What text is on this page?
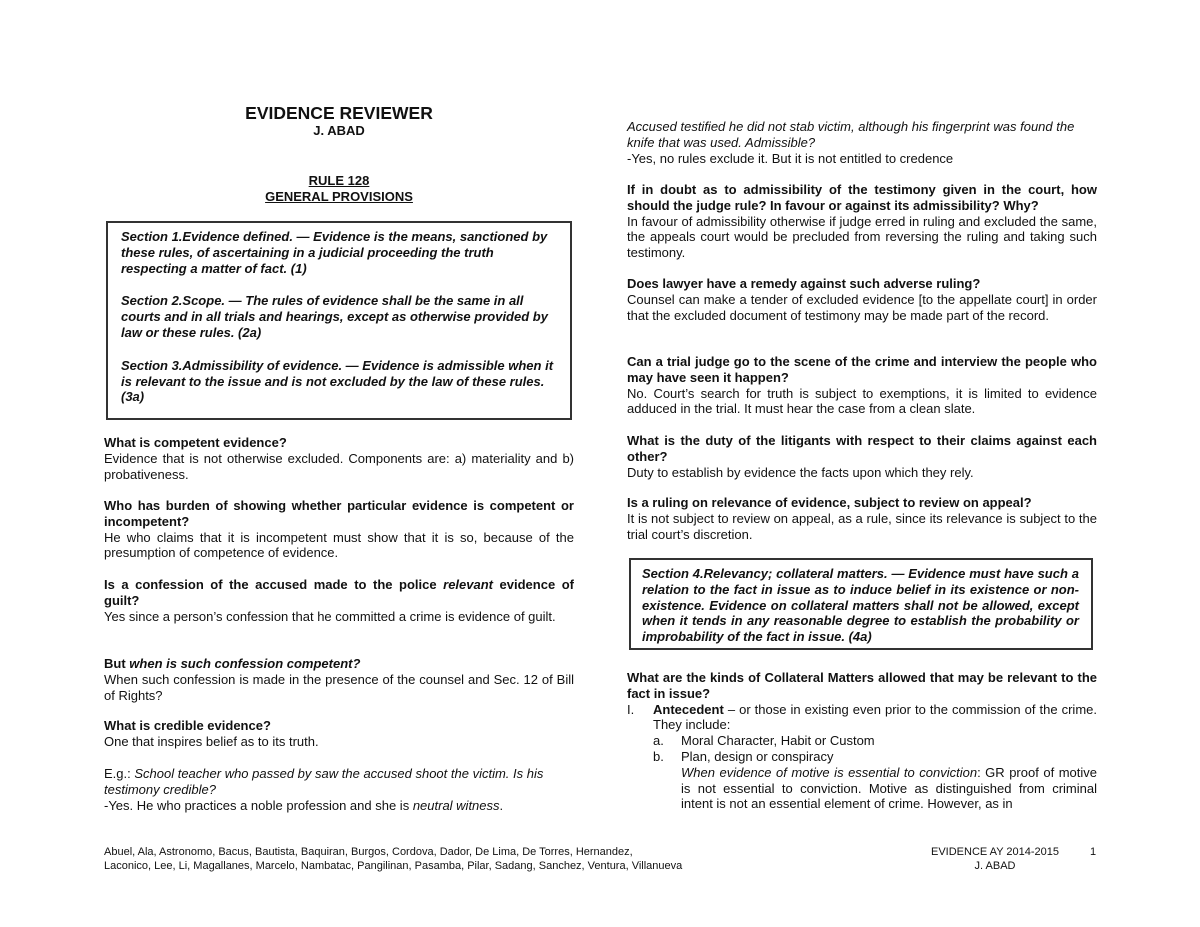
EVIDENCE REVIEWER
J. ABAD
RULE 128
GENERAL PROVISIONS

Section 1.Evidence defined. — Evidence is the means, sanctioned by these rules, of ascertaining in a judicial proceeding the truth respecting a matter of fact. (1)

Section 2.Scope. — The rules of evidence shall be the same in all courts and in all trials and hearings, except as otherwise provided by law or these rules. (2a)

Section 3.Admissibility of evidence. — Evidence is admissible when it is relevant to the issue and is not excluded by the law of these rules. (3a)

What is competent evidence?
Evidence that is not otherwise excluded. Components are: a) materiality and b) probativeness.
Who has burden of showing whether particular evidence is competent or incompetent?
He who claims that it is incompetent must show that it is so, because of the presumption of competence of evidence.
Is a confession of the accused made to the police relevant evidence of guilt?
Yes since a person’s confession that he committed a crime is evidence of guilt.
But when is such confession competent?
When such confession is made in the presence of the counsel and Sec. 12 of Bill of Rights?
What is credible evidence?
One that inspires belief as to its truth.
E.g.: School teacher who passed by saw the accused shoot the victim. Is his testimony credible?
-Yes. He who practices a noble profession and she is neutral witness.
Accused testified he did not stab victim, although his fingerprint was found the knife that was used. Admissible?
-Yes, no rules exclude it. But it is not entitled to credence
If in doubt as to admissibility of the testimony given in the court, how should the judge rule? In favour or against its admissibility? Why?
In favour of admissibility otherwise if judge erred in ruling and excluded the same, the appeals court would be precluded from reversing the ruling and taking such testimony.
Does lawyer have a remedy against such adverse ruling?
Counsel can make a tender of excluded evidence [to the appellate court] in order that the excluded document of testimony may be made part of the record.
Can a trial judge go to the scene of the crime and interview the people who may have seen it happen?
No. Court’s search for truth is subject to exemptions, it is limited to evidence adduced in the trial. It must hear the case from a clean slate.
What is the duty of the litigants with respect to their claims against each other?
Duty to establish by evidence the facts upon which they rely.
Is a ruling on relevance of evidence, subject to review on appeal?
It is not subject to review on appeal, as a rule, since its relevance is subject to the trial court’s discretion.

Section 4.Relevancy; collateral matters. — Evidence must have such a relation to the fact in issue as to induce belief in its existence or non-existence. Evidence on collateral matters shall not be allowed, except when it tends in any reasonable degree to establish the probability or improbability of the fact in issue. (4a)

What are the kinds of Collateral Matters allowed that may be relevant to the fact in issue?
I.	Antecedent – or those in existing even prior to the commission of the crime. They include:
a.	Moral Character, Habit or Custom
b.	Plan, design or conspiracy
When evidence of motive is essential to conviction: GR proof of motive is not essential to conviction. Motive as distinguished from criminal intent is not an essential element of crime. However, as in
Abuel, Ala, Astronomo, Bacus, Bautista, Baquiran, Burgos, Cordova, Dador, De Lima, De Torres, Hernandez,
Laconico, Lee, Li, Magallanes, Marcelo, Nambatac, Pangilinan, Pasamba, Pilar, Sadang, Sanchez, Ventura, Villanueva
EVIDENCE AY 2014-2015
J. ABAD
1
